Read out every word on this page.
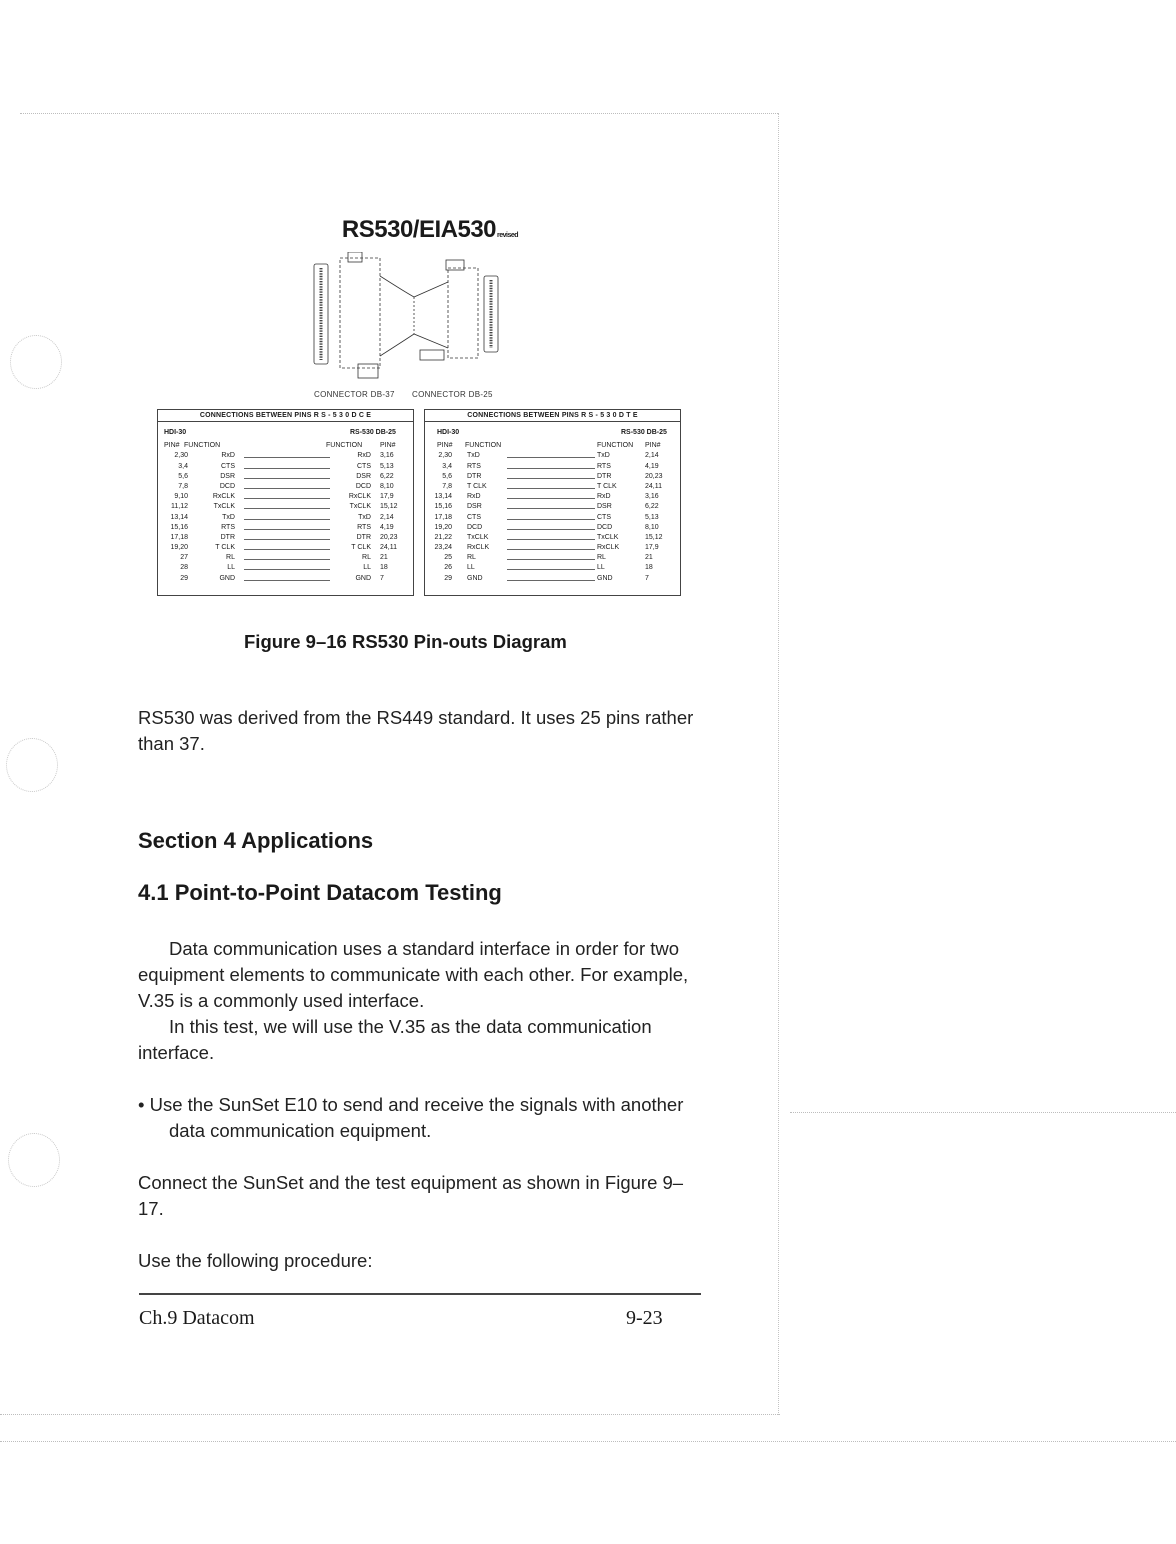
RS530/EIA530revised
CONNECTOR DB-37 CONNECTOR DB-25
CONNECTIONS BETWEEN PINS R S - 5 3 0 D C E
HDI-30	RS-530 DB-25
PIN# FUNCTION	FUNCTION	PIN#
2,30	RxD	RxD 3,16
3,4	CTS	CTS 5,13
5,6	DSR	DSR 6,22
7,8	DCD	DCD 8,10
9,10	RxCLK	RxCLK 17,9
11,12	TxCLK	TxCLK 15,12
13,14	TxD	TxD 2,14
15,16	RTS	RTS 4,19
17,18	DTR	DTR 20,23
19,20	T CLK	T CLK 24,11
27	RL	RL 21
28	LL	LL 18
29	GND	GND 7
CONNECTIONS BETWEEN PINS R S - 5 3 0 D T E
HDI-30	RS-530 DB-25
PIN# FUNCTION	FUNCTION PIN#
2,30 TxD	TxD	2,14
3,4 RTS	RTS	4,19
5,6 DTR	DTR	20,23
7,8 T CLK	T CLK	24,11
13,14 RxD	RxD	3,16
15,16 DSR	DSR	6,22
17,18 CTS	CTS	5,13
19,20 DCD	DCD	8,10
21,22 TxCLK	TxCLK	15,12
23,24 RxCLK	RxCLK	17,9
25 RL	RL	21
26 LL	LL	18
29 GND	GND	7
Figure 9–16 RS530 Pin-outs Diagram
RS530 was derived from the RS449 standard. It uses 25 pins rather
than 37.
Section 4 Applications
4.1 Point-to-Point Datacom Testing
Data communication uses a standard interface in order for two
equipment elements to communicate with each other. For example,
V.35 is a commonly used interface.
In this test, we will use the V.35 as the data communication
interface.
• Use the SunSet E10 to send and receive the signals with another
data communication equipment.
Connect the SunSet and the test equipment as shown in Figure 9–
17.
Use the following procedure:
Ch.9 Datacom	9-23
